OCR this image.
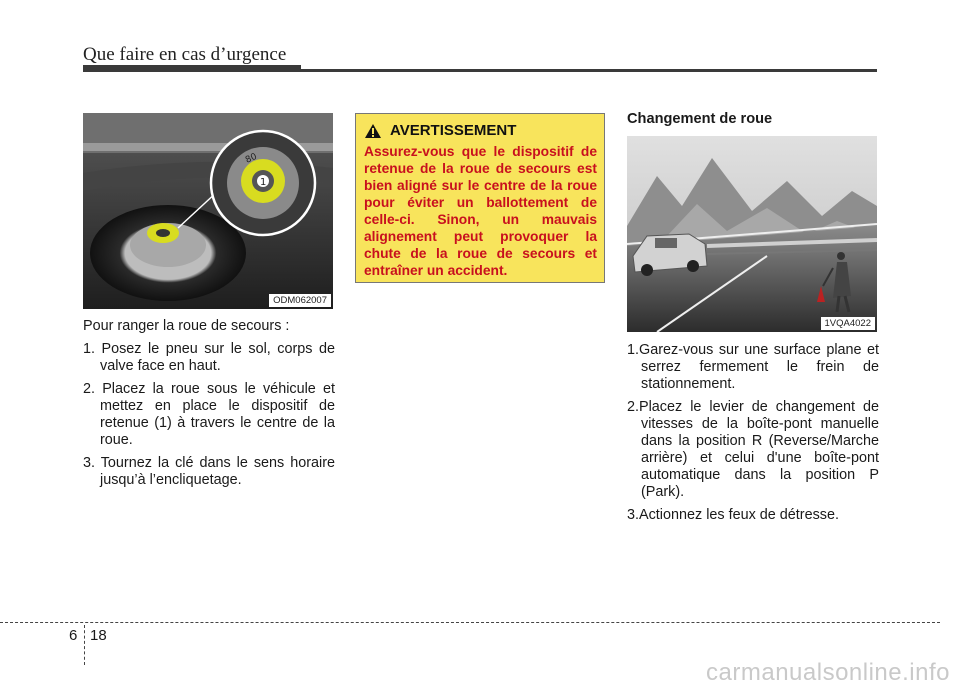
Que faire en cas d’urgence
1
80
ODM062007

Pour ranger la roue de secours :

1. Posez le pneu sur le sol, corps de valve face en haut.
2. Placez la roue sous le véhicule et mettez en place le dispositif de retenue (1) à travers le centre de la roue.
3. Tournez la clé dans le sens horaire jusqu’à l’encliquetage.
AVERTISSEMENT
Assurez-vous que le dispositif de retenue de la roue de secours est bien aligné sur le centre de la roue pour éviter un ballottement de celle-ci. Sinon, un mauvais alignement peut provoquer la chute de la roue de secours et entraîner un accident.
Changement de roue
1VQA4022
1.Garez-vous sur une surface plane et serrez fermement le frein de stationnement.
2.Placez le levier de changement de vitesses de la boîte-pont manuelle dans la position R (Reverse/Marche arrière) et celui d'une boîte-pont automatique dans la position P (Park).
3.Actionnez les feux de détresse.
6 18
carmanualsonline.info
